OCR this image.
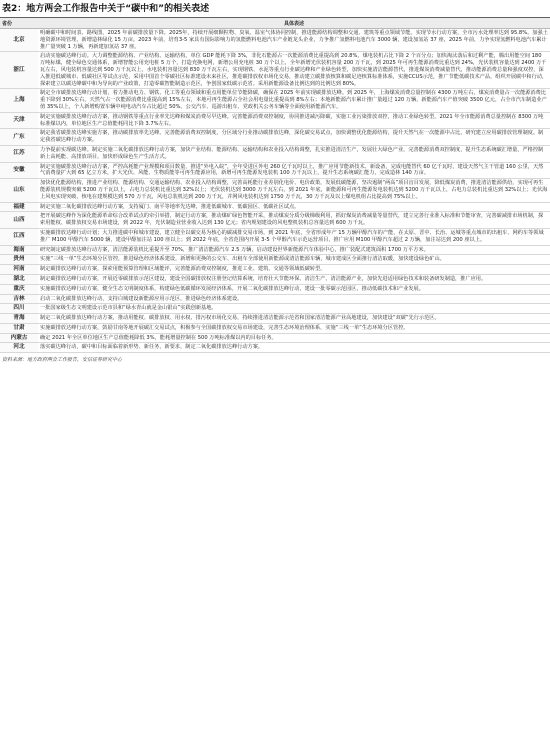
表2：地方两会工作报告中关于“碳中和”的相关表述
省份	具体表述
北京	明确碳中和时间表、路线图，2025 年前碳排放量下降。2025年，持续开展细颗粒物、臭氧、温室气体协同控制，推进能源结构调整和交通、建筑等重点领域节能。实现节水行动方案，全市污水处理率达到 95.8%。加强土地资源环境管理，新增造林绿化 15 万亩。2023 年前，培育3-5 家具有国际影响力的氢能燃料电池汽车产业链龙头企业，力争推广氢燃料电池汽车 3000 辆，建设加氢站 37 座，2025 年前，力争实现氢燃料电池汽车累计推广量突破 1 万辆，再新建加氢站 37 座。
浙江	启动实施碳达峰行动。大力调整能源结构、产业结构、运输结构，单位 GDP 能耗下降 3%，非化石能源占一次能源消费比重提高到 20.8%，煤电装机占比下降 2 个百分点；加快淘汰落后和过剩产能，腾出用能空间 180 万吨标煤，健全绿色交通体系，新增智能公用充电桩 5 万个，打造充换电网，新增公用充电桩 30 万个以上，全年新增光伏装机容量 200 万千瓦，到 2025 年可再生能源消费比重达到 24%，光伏装机容量达到 2400 万千瓦左右，风电装机容量达到 500 万千瓦以上，水电装机容量达到 830 万千瓦左右，实现钢铁、水泥等重点行业碳达峰和产业绿色转型，加快实施清洁能源替代，推进煤炭消费减量替代，推动能源消费总量和强度双控，深入推进低碳城市、低碳社区等试点示范，采用中国首个零碳社区标准建设未来社区，推进碳排放权市场化交易，推动建立碳排放核算和碳足迹核算标准体系，实施CCUS示范，推广节能低碳技术产品，组织开展碳中和行动，探索建立以碳达峰碳中和为导向的产业政策，打造零碳智能制造示范区，争创国家低碳示范省。采用新能源设备比例达到的比例达到 80%。
上海	制定全市碳排放达峰行动计划，着力推动电力、钢铁、化工等重点领域和重点用能单位节能降碳，确保在 2025 年前实现碳排放达峰。到 2025 年，上海煤炭消费总量控制在 4300 万吨左右，煤炭消费量占一次能源消费比重下降到 30%左右，天然气占一次能源消费比重提高到 15%左右，本地可再生能源占全社会用电量比重提高到 8%左右；本地新能源汽车累计推广量超过 120 万辆，新能源汽车产值突破 3500 亿元，占全市汽车制造业产值 35%以上，个人新增购置车辆中纯电动汽车占比超过 50%。公交汽车、巡游出租车、党政机关公务车辆等全面使用新能源汽车。
天津	制定实施碳排放达峰行动方案，推动钢铁等重点行业率先达峰和煤炭消费尽早达峰。完善能源消费双控制度，协同推进减污降碳，实施工业污染排放双控，推动工业绿色转型。2021 年全市能源消费总量控制在 8300 万吨标准煤以内，单位地区生产总值能耗同比下降 3.7%左右。
广东	制定我省碳排放达峰实施方案，推动碳排放率先达峰。完善能源消费双控制度，分区域分行业推动碳排放达峰，深化碳交易试点，加快调整优化能源结构，提升天然气在一次能源中占比，研究建立应用碳排放管理制度。制定我省碳达峰行动方案。
江苏	力争提前实现碳达峰。制定实施二氧化碳排放达峰行动方案，加快产业结构、能源结构、运输结构和农业投入结构调整，扎实推进清洁生产，发展壮大绿色产业，完善能源消费双控制度，提升生态系统碳汇增量，严格控制新上高耗能、高排放项目，加快形成绿色生产生活方式。
安徽	制定实施碳排放达峰行动方案，严控高耗能产业规模和项目数量，推进“外电入皖”，全年受进区外电 260 亿千瓦时以上，推广应用节能新技术、新设备，完成电能替代 60 亿千瓦时，建设天然气主干管道 160 公里，天然气消费量扩大到 65 亿立方米，扩大光伏、风能、生物质能等可再生能源应用，新增可再生能源发电装机 100 万千瓦以上，提升生态系统碳汇能力，完成造林 140 万亩。
山东	加快优化能源结构，推进产业结构、能源结构、交通运输结构、农业投入结构调整，完善高耗能行业差别化电价、电价政策，发展低碳能源，坚决遏制“两高”项目盲目发展，降低煤炭消费，推进清洁能源供给，实现可再生能源装机规模突破 5200 万千瓦以上，占电力总装机比重达到 32%以上；光伏装机达到 3000 万千瓦左右，到 2021 年底，新能源和可再生能源发电装机达到 5200 万千瓦以上，占电力总装机比重达到 32%以上；光伏海上风电实现突破，核电在建规模达到 570 万千瓦，风电总装机达到 200 万千瓦，并网风电装机达到 1750 万千瓦，30 万千瓦及以上煤电机组占比提高到 75%以上。
福建	制定实施二氧化碳排放达峰行动方案，支持厦门、南平等地率先达峰，推进低碳城市、低碳园区、低碳社区试点。
山西	把开展碳达峰作为深化能源革命综合改革试点的牵引举措，制定行动方案，推动煤矿绿色智能开采，推动煤炭分质分级梯级利用，抓好煤炭消费减量等量替代，建立完善行业准入标准和节能审查，完善碳减排市场机制，探索用能权、碳排放权交易市场建设，到 2022 年，光伏制造业营业收入达到 130 亿元；省内规划建设的风电整机装机总容量达到 600 万千瓦。
江西	实施碳排放达峰行动计划；大力推进碳中和城市建设，建立健全以碳交易为核心的碳减排交易市场，到 2021 年底，全省形成年产 15 万辆甲醇汽车的产能，在太原、晋中、长治、运城等重点城市的出租车、网约车等领域推广 M100 甲醇汽车 5000 辆，建设甲醇加注站 100 座以上；到 2022 年底，全省范围内开展 3-5 个甲醇汽车示范运营项目，推广应用 M100 甲醇汽车超过 2 万辆，加注站达到 200 座以上。
海南	研究制定碳排放达峰行动方案，清洁能源装机比重提升至 70%，推广清洁能源汽车 2.5 万辆，启动建设世界新能源汽车体验中心，推广装配式建筑面积 1700 万平方米。
贵州	实施“三线一单”生态环境分区管控，推进绿色经济体系建设，新增和更换的公交车、出租车全部使用新能源或清洁能源车辆，城市建成区全面推行清洁取暖，加快建设绿色矿山。
河南	制定碳排放达峰行动方案，探索用能预算管理和区域能评，完善能源消费双控制度，推进工业、建筑、交通等领域低碳转型。
湖北	制定碳排放达峰行动方案，开展近零碳排放示范区建设，建设全国碳排放权注册登记结算系统，培育壮大节能环保、清洁生产、清洁能源产业，加快先进适用绿色技术和装备研发制造，推广应用。
重庆	实施碳排放达峰行动方案，健全生态文明制度体系，构建绿色低碳循环发展经济体系，开展二氧化碳排放达峰行动，建设一批零碳示范园区，推动低碳技术和产业发展。
吉林	启动二氧化碳排放达峰行动，支持白城建设新能源应用示范区，推进绿色经济体系建设。
四川	一批国家级生态文明建设示范市县和“绿水青山就是金山银山”实践创新基地。
青海	制定二氧化碳排放达峰行动方案，推动用能权、碳排放权、用水权、排污权市场化交易，持续推进清洁能源示范省和国家清洁能源产业高地建设，加快建设“双碳”先行示范区。
甘肃	实施碳排放达峰行动方案，鼓励甘南等地开展碳汇交易试点，积极参与全国碳排放权交易市场建设，完善生态环境治理体系，实施“三线一单”生态环境分区管控。
内蒙古	确定 2021 年全区单位地区生产总值能耗降低 3%，能耗增量控制在 500 万吨标准煤以内的目标任务。
河北	落实碳达峰行动，碳中和目标面临着新形势、新任务、新要求，制定二氧化碳排放达峰行动方案。
资料来源：地方政府两会工作报告，安信证券研究中心
